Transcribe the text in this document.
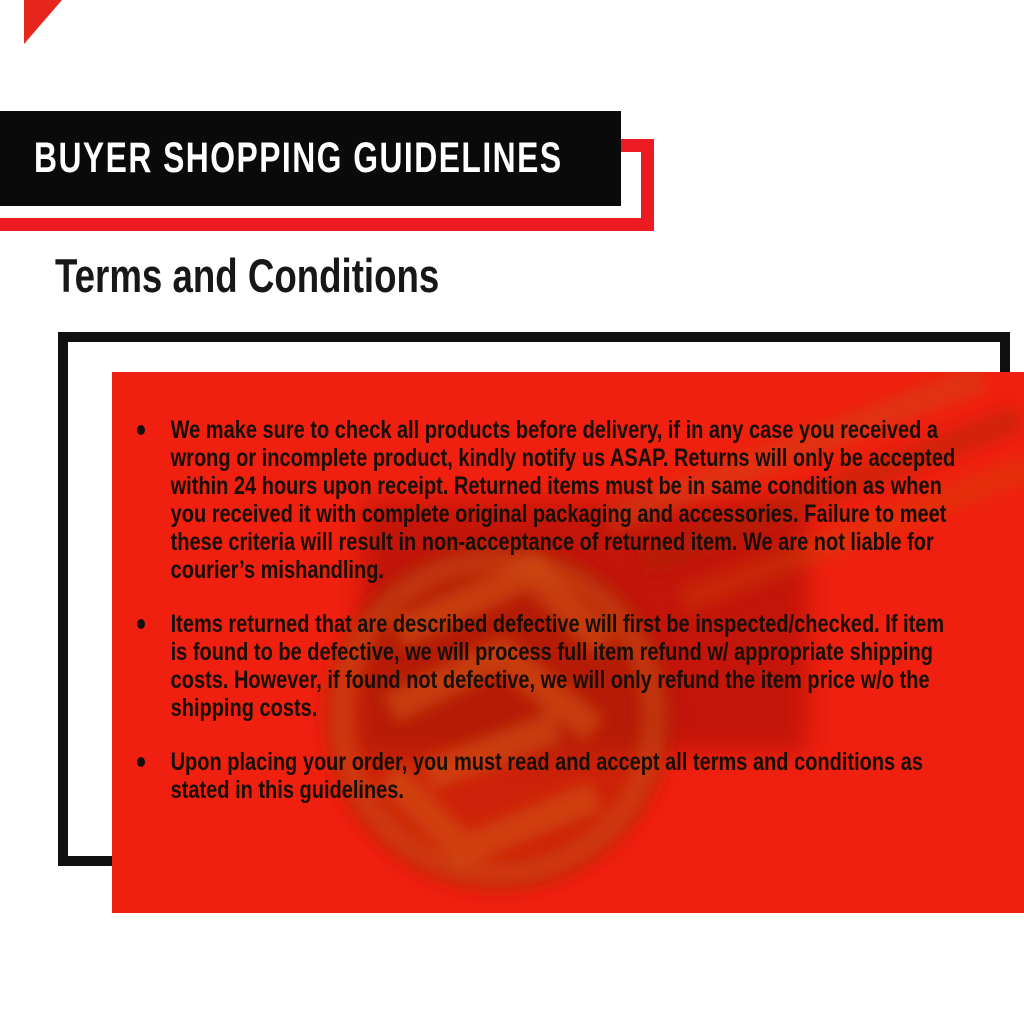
BUYER SHOPPING GUIDELINES
Terms and Conditions
We make sure to check all products before delivery, if in any case you received a
wrong or incomplete product, kindly notify us ASAP. Returns will only be accepted
within 24 hours upon receipt. Returned items must be in same condition as when
you received it with complete original packaging and accessories. Failure to meet
these criteria will result in non-acceptance of returned item. We are not liable for
courier’s mishandling.
Items returned that are described defective will first be inspected/checked. If item
is found to be defective, we will process full item refund w/ appropriate shipping
costs. However, if found not defective, we will only refund the item price w/o the
shipping costs.
Upon placing your order, you must read and accept all terms and conditions as
stated in this guidelines.
